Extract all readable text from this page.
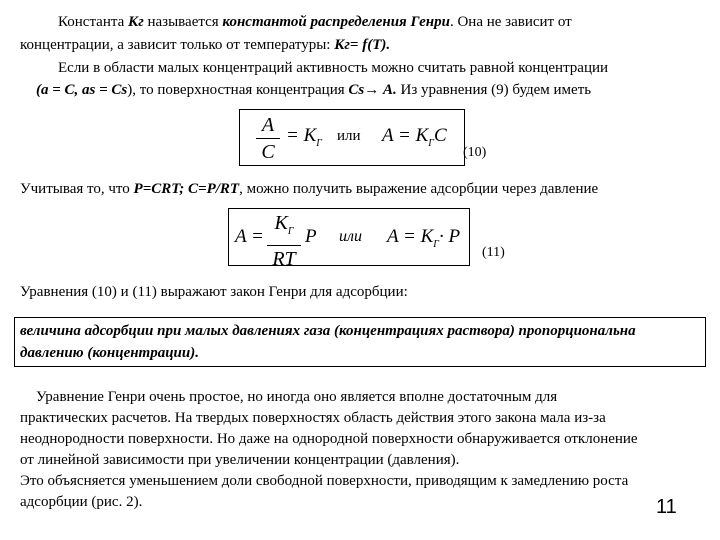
Константа Кг называется константой распределения Генри. Она не зависит от
концентрации, а зависит только от температуры: Кг= f(Т).
Если в области малых концентраций активность можно считать равной концентрации
(а = С, as = Cs), то поверхностная концентрация Cs→ А. Из уравнения (9) будем иметь
A
C
= $K_Г$ или $A = K_ГC$
(10)
Учитывая то, что P=CRT; C=P/RT, можно получить выражение адсорбции через давление
A =
$K_Г$
RT
P или $A = K_Г\cdot P$
(11)
Уравнения (10) и (11) выражают закон Генри для адсорбции:
величина адсорбции при малых давлениях газа (концентрациях раствора) пропорциональна
давлению (концентрации).
Уравнение Генри очень простое, но иногда оно является вполне достаточным для
практических расчетов. На твердых поверхностях область действия этого закона мала из-за
неоднородности поверхности. Но даже на однородной поверхности обнаруживается отклонение
от линейной зависимости при увеличении концентрации (давления).
Это объясняется уменьшением доли свободной поверхности, приводящим к замедлению роста
адсорбции (рис. 2).	11
